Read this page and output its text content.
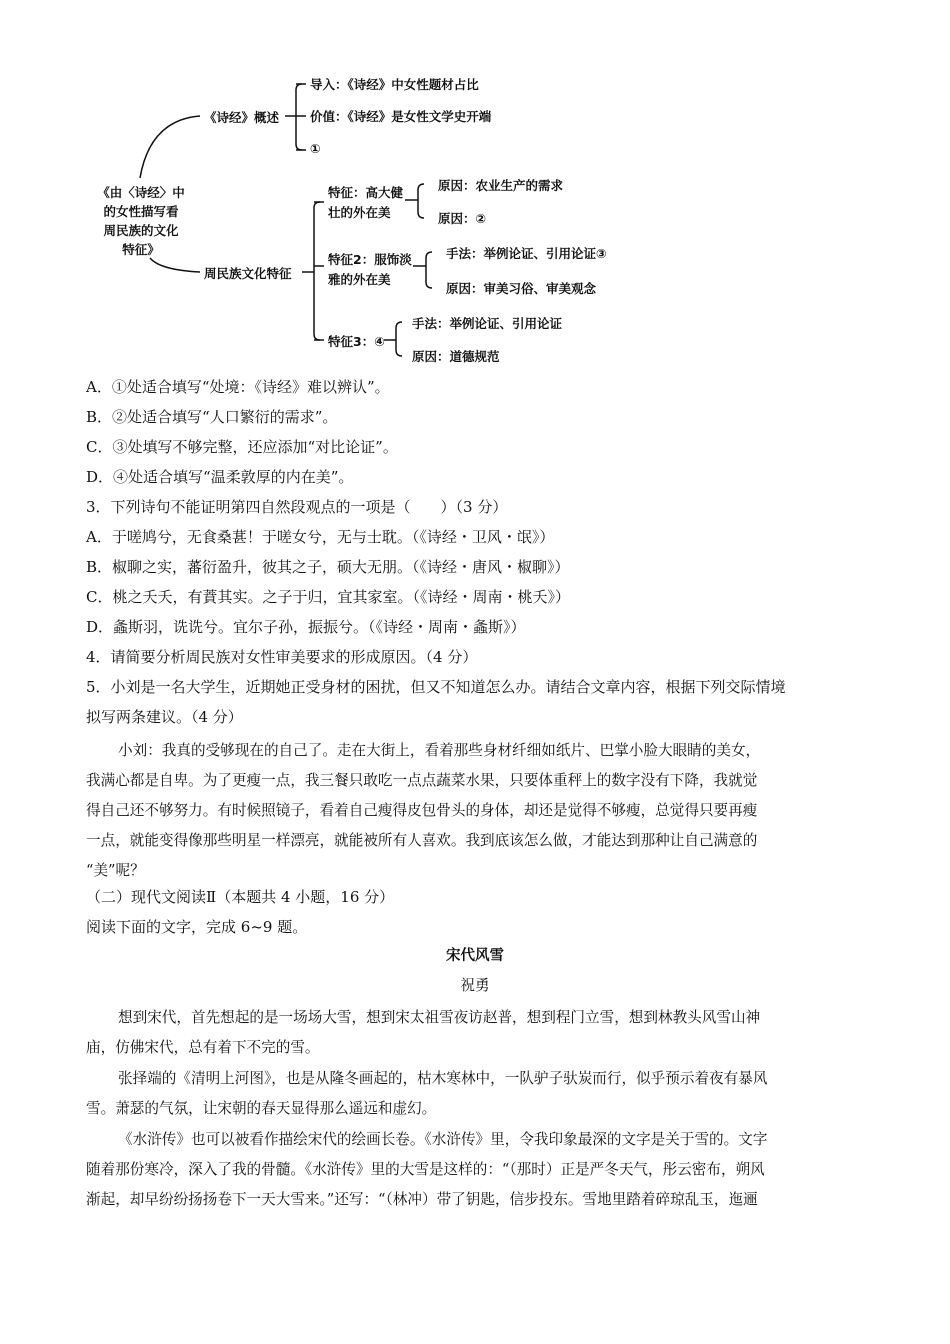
《由〈诗经〉中
的女性描写看
周民族的文化
特征》
《诗经》概述
导入：《诗经》中女性题材占比
价值：《诗经》是女性文学史开端
①
周民族文化特征
特征：高大健
壮的外在美
原因：农业生产的需求
原因：②
特征2：服饰淡
雅的外在美
手法：举例论证、引用论证③
原因：审美习俗、审美观念
特征3：④
手法：举例论证、引用论证
原因：道德规范
A．①处适合填写“处境：《诗经》难以辨认”。
B．②处适合填写“人口繁衍的需求”。
C．③处填写不够完整，还应添加“对比论证”。
D．④处适合填写“温柔敦厚的内在美”。
3．下列诗句不能证明第四自然段观点的一项是（　　）（3 分）
A．于嗟鸠兮，无食桑葚！于嗟女兮，无与士耽。（《诗经・卫风・氓》）
B．椒聊之实，蕃衍盈升，彼其之子，硕大无朋。（《诗经・唐风・椒聊》）
C．桃之夭夭，有蕡其实。之子于归，宜其家室。（《诗经・周南・桃夭》）
D．螽斯羽，诜诜兮。宜尔子孙，振振兮。（《诗经・周南・螽斯》）
4．请简要分析周民族对女性审美要求的形成原因。（4 分）
5．小刘是一名大学生，近期她正受身材的困扰，但又不知道怎么办。请结合文章内容，根据下列交际情境
拟写两条建议。（4 分）
小刘：我真的受够现在的自己了。走在大街上，看着那些身材纤细如纸片、巴掌小脸大眼睛的美女，
我满心都是自卑。为了更瘦一点，我三餐只敢吃一点点蔬菜水果，只要体重秤上的数字没有下降，我就觉
得自己还不够努力。有时候照镜子，看着自己瘦得皮包骨头的身体，却还是觉得不够瘦，总觉得只要再瘦
一点，就能变得像那些明星一样漂亮，就能被所有人喜欢。我到底该怎么做，才能达到那种让自己满意的
“美”呢？
（二）现代文阅读Ⅱ（本题共 4 小题，16 分）
阅读下面的文字，完成 6~9 题。
宋代风雪
祝勇
想到宋代，首先想起的是一场场大雪，想到宋太祖雪夜访赵普，想到程门立雪，想到林教头风雪山神
庙，仿佛宋代，总有着下不完的雪。
张择端的《清明上河图》，也是从隆冬画起的，枯木寒林中，一队驴子驮炭而行，似乎预示着夜有暴风
雪。萧瑟的气氛，让宋朝的春天显得那么遥远和虚幻。
《水浒传》也可以被看作描绘宋代的绘画长卷。《水浒传》里，令我印象最深的文字是关于雪的。文字
随着那份寒冷，深入了我的骨髓。《水浒传》里的大雪是这样的：“（那时）正是严冬天气，彤云密布，朔风
渐起，却早纷纷扬扬卷下一天大雪来。”还写：“（林冲）带了钥匙，信步投东。雪地里踏着碎琼乱玉，迤逦
